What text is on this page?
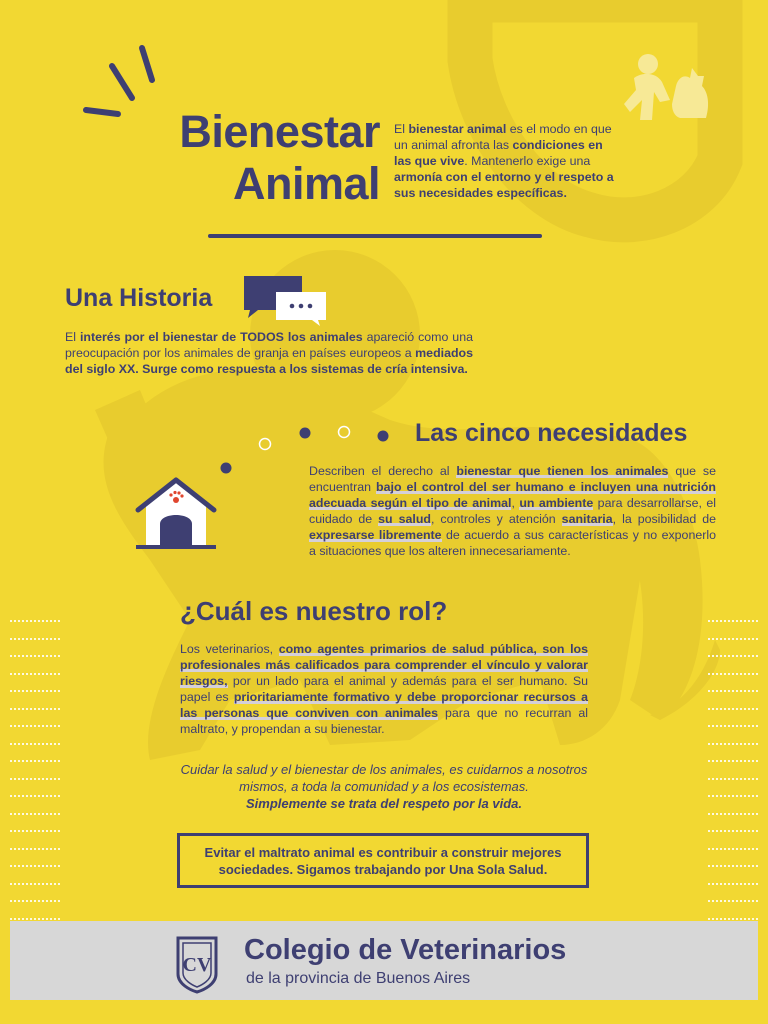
Bienestar
Animal
El bienestar animal es el modo en que un animal afronta las condiciones en las que vive. Mantenerlo exige una armonía con el entorno y el respeto a sus necesidades específicas.
Una Historia
El interés por el bienestar de TODOS los animales apareció como una preocupación por los animales de granja en países europeos a mediados del siglo XX. Surge como respuesta a los sistemas de cría intensiva.
Las cinco necesidades
Describen el derecho al bienestar que tienen los animales que se encuentran bajo el control del ser humano e incluyen una nutrición adecuada según el tipo de animal, un ambiente para desarrollarse, el cuidado de su salud, controles y atención sanitaria, la posibilidad de expresarse libremente de acuerdo a sus características y no exponerlo a situaciones que los alteren innecesariamente.
¿Cuál es nuestro rol?
Los veterinarios, como agentes primarios de salud pública, son los profesionales más calificados para comprender el vínculo y valorar riesgos, por un lado para el animal y además para el ser humano. Su papel es prioritariamente formativo y debe proporcionar recursos a las personas que conviven con animales para que no recurran al maltrato, y propendan a su bienestar.
Cuidar la salud y el bienestar de los animales, es cuidarnos a nosotros mismos, a toda la comunidad y a los ecosistemas.
Simplemente se trata del respeto por la vida.
Evitar el maltrato animal es contribuir a construir mejores sociedades. Sigamos trabajando por Una Sola Salud.
CV Colegio de Veterinarios
de la provincia de Buenos Aires
